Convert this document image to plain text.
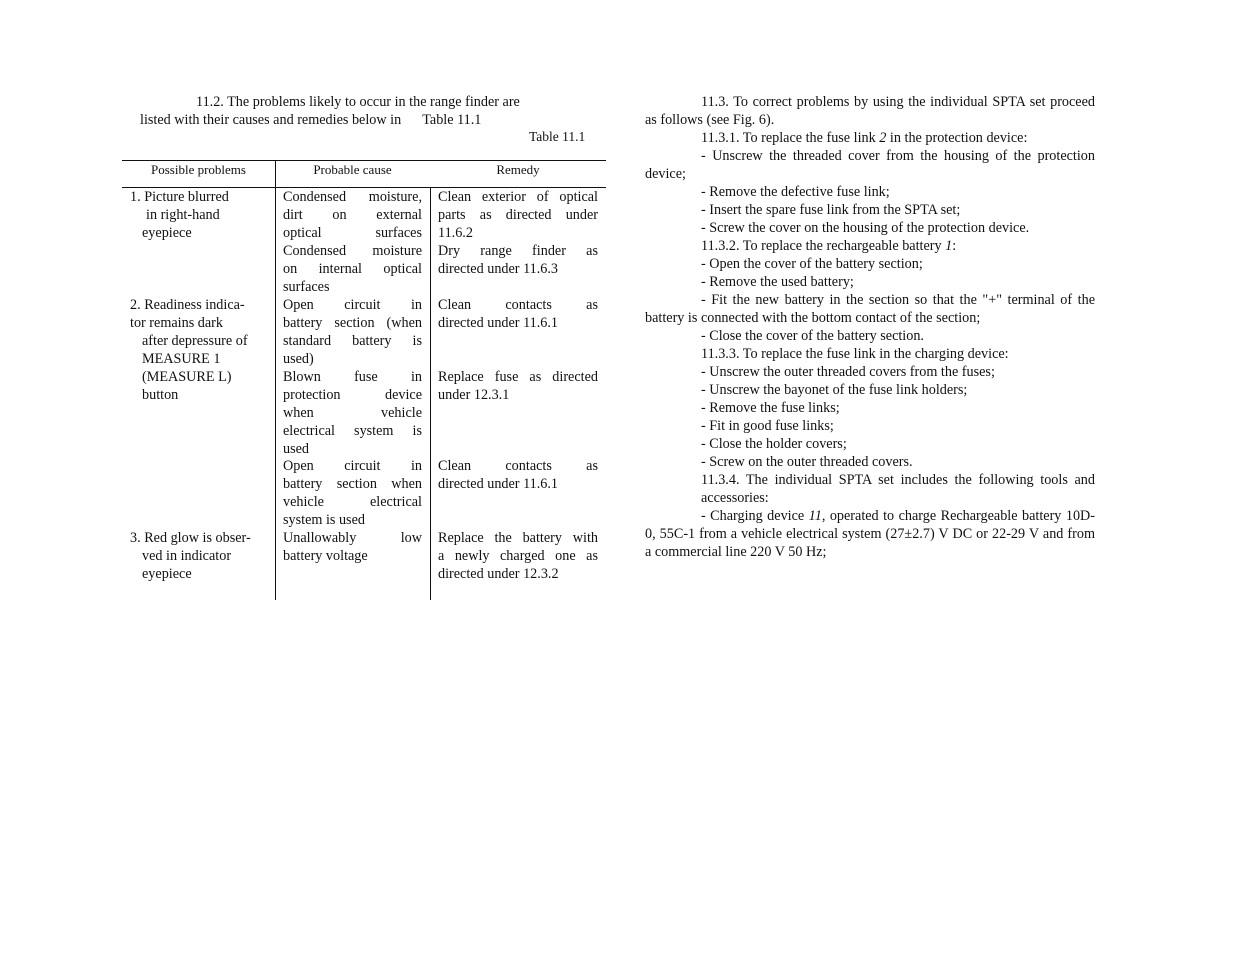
11.2. The problems likely to occur in the range finder are
listed with their causes and remedies below in      Table 11.1
Table 11.1
Possible problems	Probable cause	Remedy
1. Picture blurred
in right-hand
eyepiece
2. Readiness indica-
tor remains dark
after depressure of
MEASURE 1
(MEASURE L)
button
3. Red glow is obser-
ved in indicator
eyepiece
Condensed moisture,
dirt on external
optical surfaces
Condensed moisture
on internal optical
surfaces
Open circuit in
battery section (when
standard battery is
used)
Blown fuse in
protection device
when vehicle
electrical system is
used
Open circuit in
battery section when
vehicle electrical
system is used
Unallowably low
battery voltage
Clean exterior of optical
parts as directed under
11.6.2
Dry range finder as
directed under 11.6.3
Clean contacts as
directed under 11.6.1
Replace fuse as directed
under 12.3.1
Clean contacts as
directed under 11.6.1
Replace the battery with
a newly charged one as
directed under 12.3.2

11.3. To correct problems by using the individual SPTA set proceed as follows (see Fig. 6).

11.3.1. To replace the fuse link 2 in the protection device:

- Unscrew the threaded cover from the housing of the protection device;

- Remove the defective fuse link;

- Insert the spare fuse link from the SPTA set;

- Screw the cover on the housing of the protection device.

11.3.2. To replace the rechargeable battery 1:

- Open the cover of the battery section;

- Remove the used battery;

- Fit the new battery in the section so that the "+" terminal of the battery is connected with the bottom contact of the section;

- Close the cover of the battery section.

11.3.3. To replace the fuse link in the charging device:

- Unscrew the outer threaded covers from the fuses;

- Unscrew the bayonet of the fuse link holders;

- Remove the fuse links;

- Fit in good fuse links;

- Close the holder covers;

- Screw on the outer threaded covers.

11.3.4. The individual SPTA set includes the following tools and accessories:

- Charging device 11, operated to charge Rechargeable battery 10D-0, 55C-1 from a vehicle electrical system (27±2.7) V DC or 22-29 V and from a commercial line 220 V 50 Hz;
